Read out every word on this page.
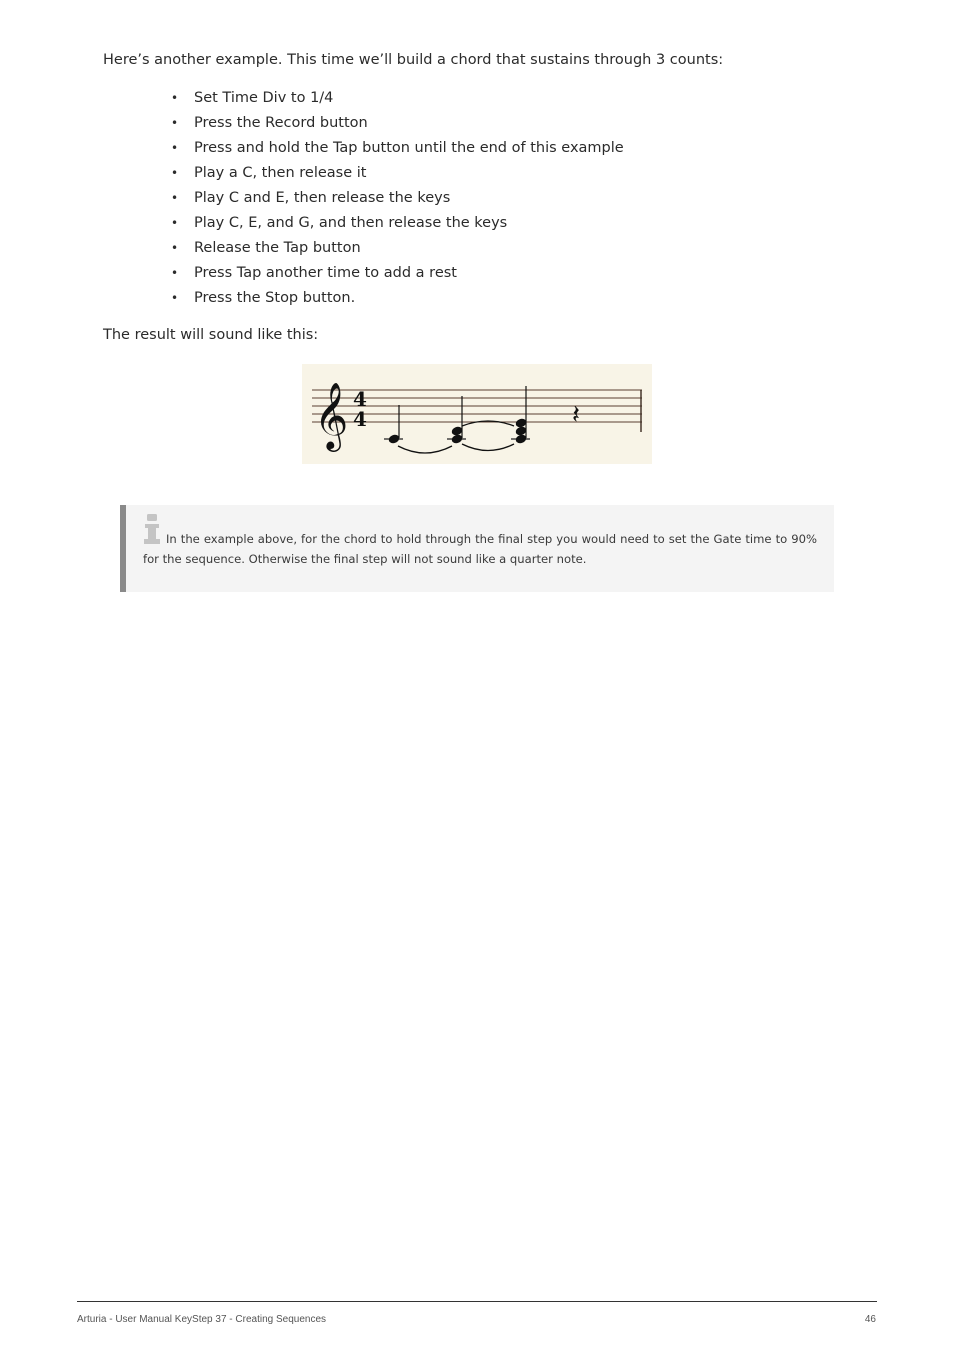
Here’s another example. This time we’ll build a chord that sustains through 3 counts:

• Set Time Div to 1/4
• Press the Record button
• Press and hold the Tap button until the end of this example
• Play a C, then release it
• Play C and E, then release the keys
• Play C, E, and G, and then release the keys
• Release the Tap button
• Press Tap another time to add a rest
• Press the Stop button.

The result will sound like this:

𝄞 4
4	𝄽

In the example above, for the chord to hold through the final step you would need to set the Gate time to 90% for the sequence. Otherwise the final step will not sound like a quarter note.

Arturia - User Manual KeyStep 37 - Creating Sequences	46
